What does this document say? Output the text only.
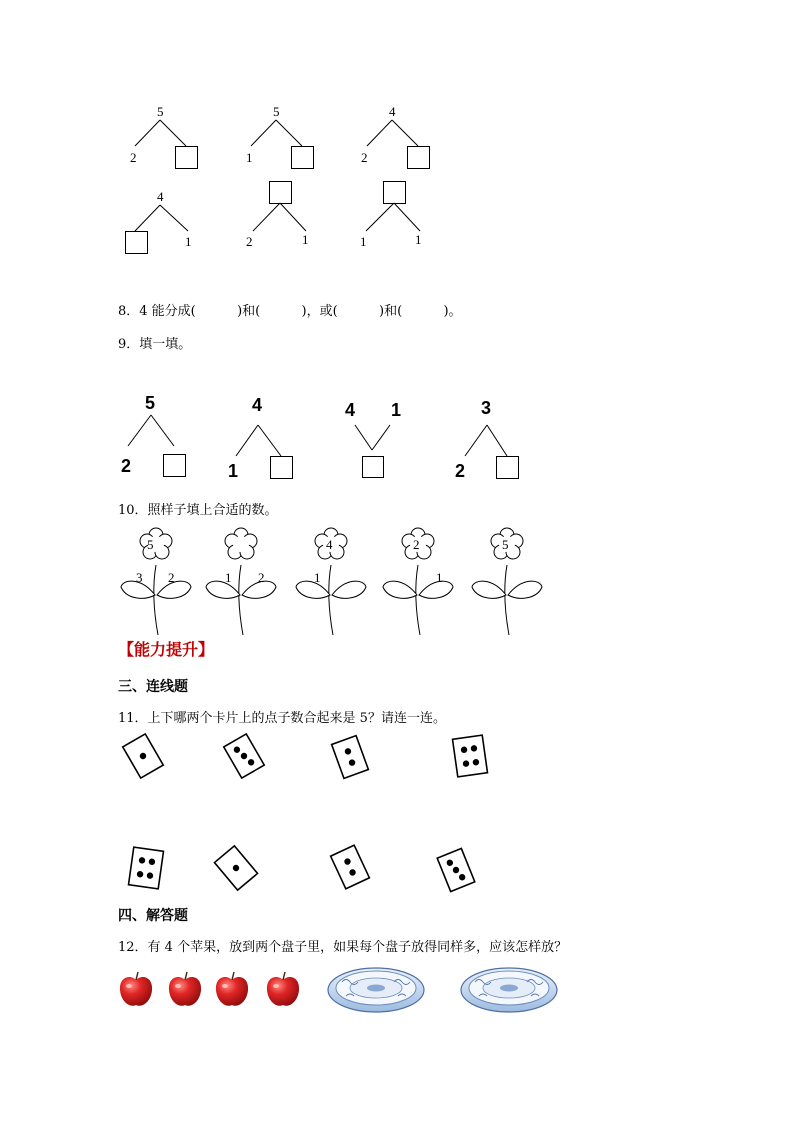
5
2
5
1
4
2
4
1	2	1	1	1
8．4 能分成(          )和(          )，或(          )和(          )。
9．填一填。
5
2
4
1
4 1	3
2
10．照样子填上合适的数。
5
3 2	1 2
4
1
2
1
5
【能力提升】
三、连线题
11．上下哪两个卡片上的点子数合起来是 5？请连一连。
四、解答题
12．有 4 个苹果，放到两个盘子里，如果每个盘子放得同样多，应该怎样放？
